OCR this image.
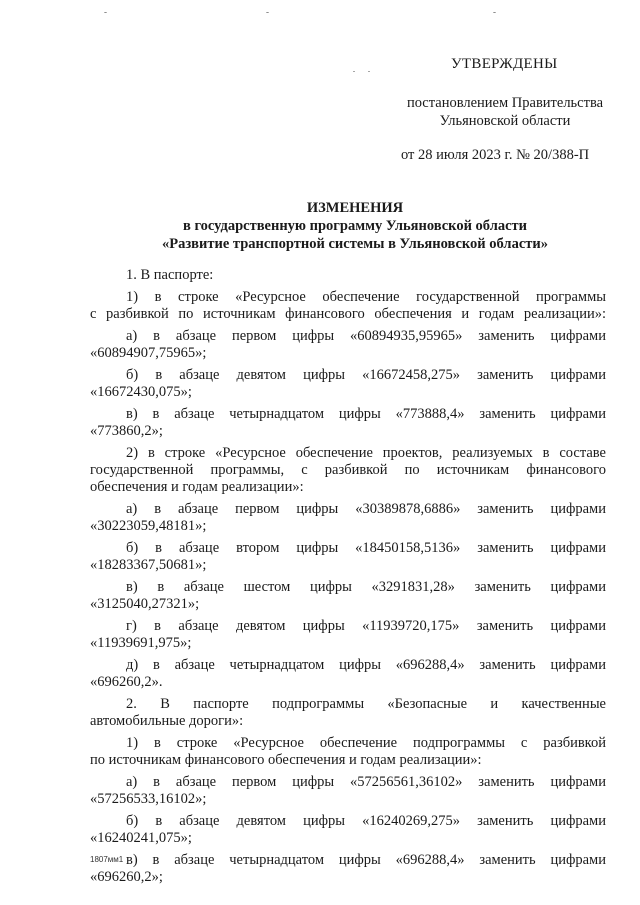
УТВЕРЖДЕНЫ
постановлением Правительства
Ульяновской области
от 28 июля 2023 г. № 20/388-П
ИЗМЕНЕНИЯ
в государственную программу Ульяновской области
«Развитие транспортной системы в Ульяновской области»

1. В паспорте:

1) в строке «Ресурсное обеспечение государственной программы

с разбивкой по источникам финансового обеспечения и годам реализации»:

а) в абзаце первом цифры «60894935,95965» заменить цифрами

«60894907,75965»;

б) в абзаце девятом цифры «16672458,275» заменить цифрами

«16672430,075»;

в) в абзаце четырнадцатом цифры «773888,4» заменить цифрами

«773860,2»;

2) в строке «Ресурсное обеспечение проектов, реализуемых в составе

государственной программы, с разбивкой по источникам финансового

обеспечения и годам реализации»:

а) в абзаце первом цифры «30389878,6886» заменить цифрами

«30223059,48181»;

б) в абзаце втором цифры «18450158,5136» заменить цифрами

«18283367,50681»;

в) в абзаце шестом цифры «3291831,28» заменить цифрами

«3125040,27321»;

г) в абзаце девятом цифры «11939720,175» заменить цифрами

«11939691,975»;

д) в абзаце четырнадцатом цифры «696288,4» заменить цифрами

«696260,2».

2. В паспорте подпрограммы «Безопасные и качественные

автомобильные дороги»:

1) в строке «Ресурсное обеспечение подпрограммы с разбивкой

по источникам финансового обеспечения и годам реализации»:

а) в абзаце первом цифры «57256561,36102» заменить цифрами

«57256533,16102»;

б) в абзаце девятом цифры «16240269,275» заменить цифрами

«16240241,075»;

в) в абзаце четырнадцатом цифры «696288,4» заменить цифрами

«696260,2»;

1807мм1
